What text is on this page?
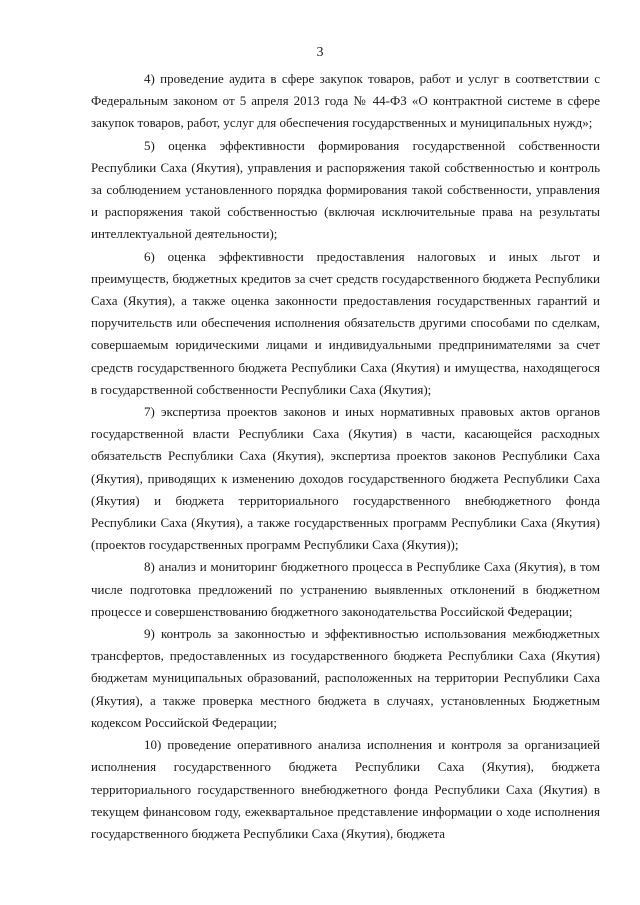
3

4) проведение аудита в сфере закупок товаров, работ и услуг в соответствии с Федеральным законом от 5 апреля 2013 года № 44-ФЗ «О контрактной системе в сфере закупок товаров, работ, услуг для обеспечения государственных и муниципальных нужд»;

5) оценка эффективности формирования государственной собственности Республики Саха (Якутия), управления и распоряжения такой собственностью и контроль за соблюдением установленного порядка формирования такой собственности, управления и распоряжения такой собственностью (включая исключительные права на результаты интеллектуальной деятельности);

6) оценка эффективности предоставления налоговых и иных льгот и преимуществ, бюджетных кредитов за счет средств государственного бюджета Республики Саха (Якутия), а также оценка законности предоставления государственных гарантий и поручительств или обеспечения исполнения обязательств другими способами по сделкам, совершаемым юридическими лицами и индивидуальными предпринимателями за счет средств государственного бюджета Республики Саха (Якутия) и имущества, находящегося в государственной собственности Республики Саха (Якутия);

7) экспертиза проектов законов и иных нормативных правовых актов органов государственной власти Республики Саха (Якутия) в части, касающейся расходных обязательств Республики Саха (Якутия), экспертиза проектов законов Республики Саха (Якутия), приводящих к изменению доходов государственного бюджета Республики Саха (Якутия) и бюджета территориального государственного внебюджетного фонда Республики Саха (Якутия), а также государственных программ Республики Саха (Якутия) (проектов государственных программ Республики Саха (Якутия));

8) анализ и мониторинг бюджетного процесса в Республике Саха (Якутия), в том числе подготовка предложений по устранению выявленных отклонений в бюджетном процессе и совершенствованию бюджетного законодательства Российской Федерации;

9) контроль за законностью и эффективностью использования межбюджетных трансфертов, предоставленных из государственного бюджета Республики Саха (Якутия) бюджетам муниципальных образований, расположенных на территории Республики Саха (Якутия), а также проверка местного бюджета в случаях, установленных Бюджетным кодексом Российской Федерации;

10) проведение оперативного анализа исполнения и контроля за организацией исполнения государственного бюджета Республики Саха (Якутия), бюджета территориального государственного внебюджетного фонда Республики Саха (Якутия) в текущем финансовом году, ежеквартальное представление информации о ходе исполнения государственного бюджета Республики Саха (Якутия), бюджета
